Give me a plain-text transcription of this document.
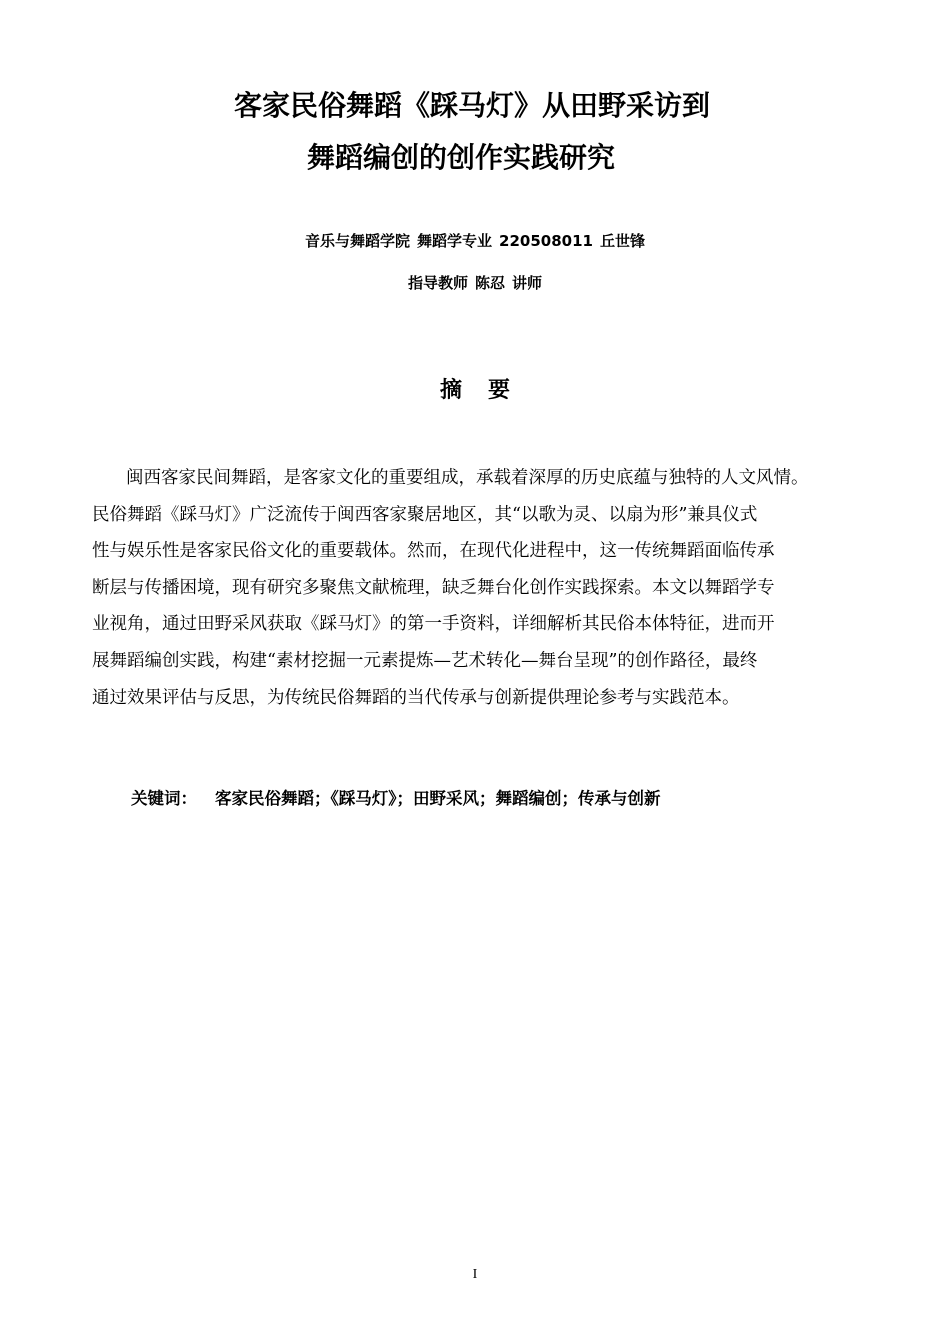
客家民俗舞蹈《踩马灯》从田野采访到
舞蹈编创的创作实践研究
音乐与舞蹈学院 舞蹈学专业 220508011 丘世锋
指导教师 陈忍 讲师
摘要
闽西客家民间舞蹈，是客家文化的重要组成，承载着深厚的历史底蕴与独特的人文风情。
民俗舞蹈《踩马灯》广泛流传于闽西客家聚居地区，其“以歌为灵、以扇为形”兼具仪式
性与娱乐性是客家民俗文化的重要载体。然而，在现代化进程中，这一传统舞蹈面临传承
断层与传播困境，现有研究多聚焦文献梳理，缺乏舞台化创作实践探索。本文以舞蹈学专
业视角，通过田野采风获取《踩马灯》的第一手资料，详细解析其民俗本体特征，进而开
展舞蹈编创实践，构建“素材挖掘一元素提炼—艺术转化—舞台呈现”的创作路径，最终
通过效果评估与反思，为传统民俗舞蹈的当代传承与创新提供理论参考与实践范本。
关键词： 客家民俗舞蹈；《踩马灯》；田野采风；舞蹈编创；传承与创新
I
